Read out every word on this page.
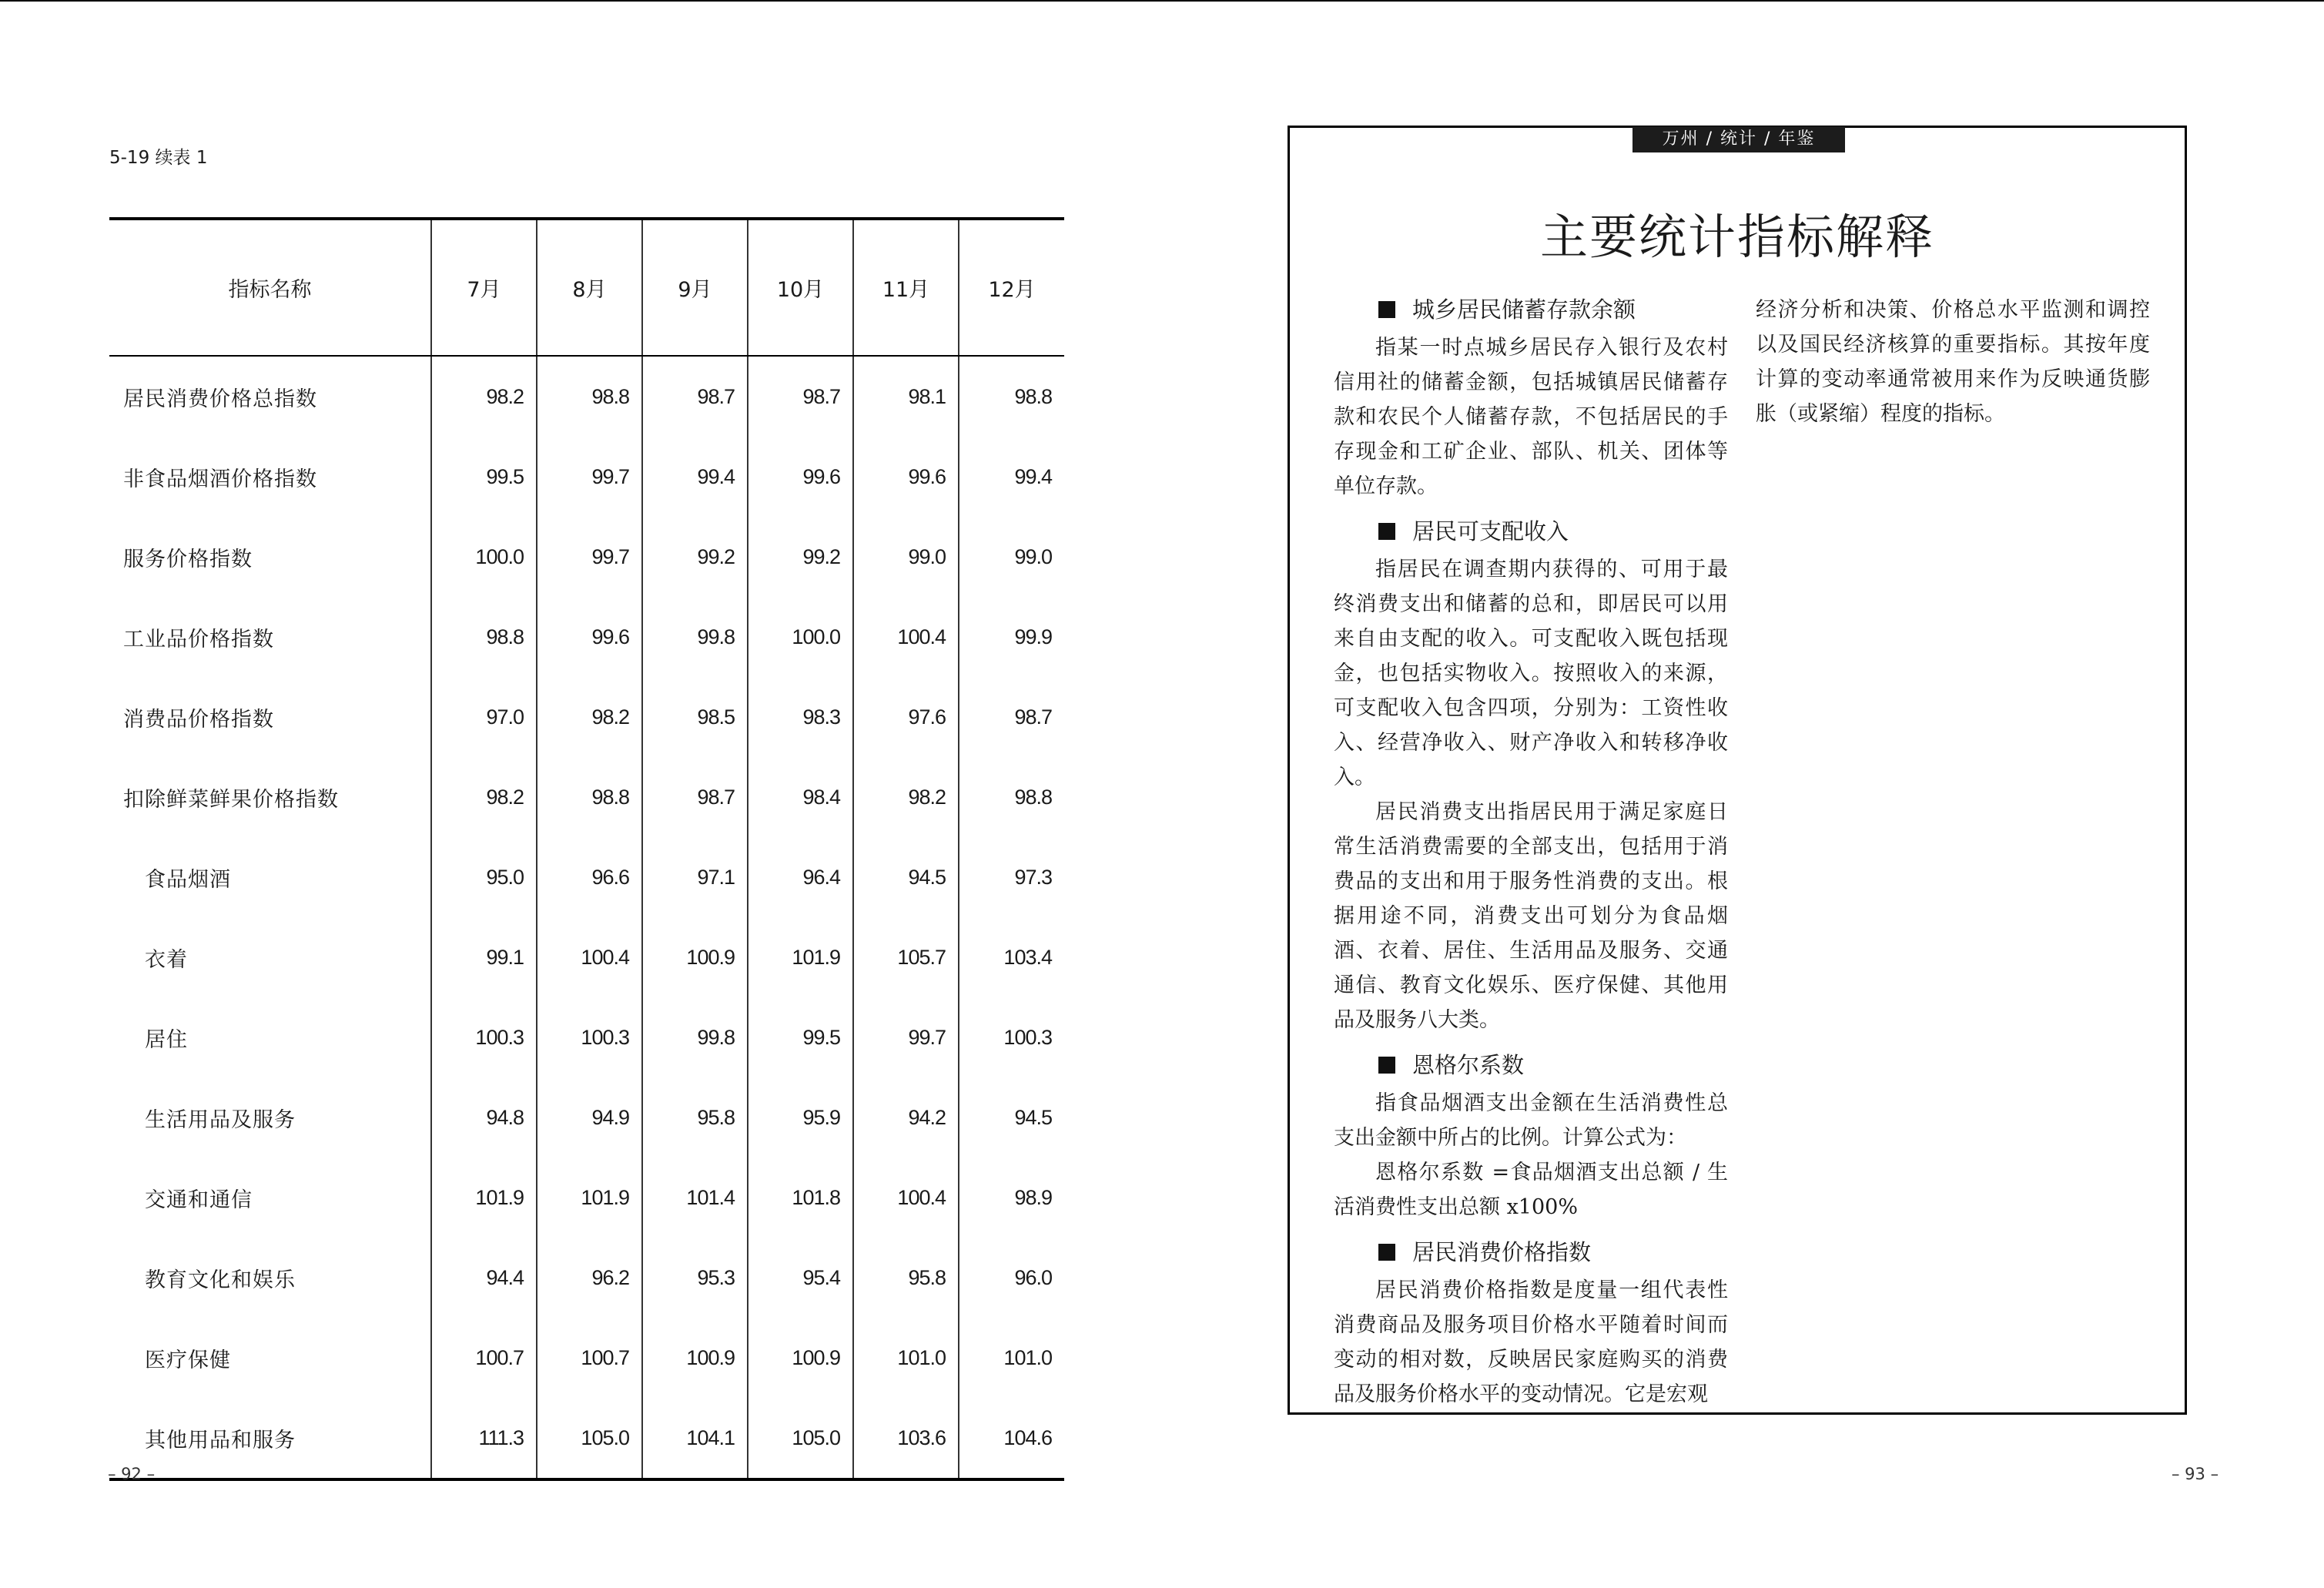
5-19 续表 1
指标名称	7月	8月	9月	10月	11月	12月
居民消费价格总指数	98.2	98.8	98.7	98.7	98.1	98.8
非食品烟酒价格指数	99.5	99.7	99.4	99.6	99.6	99.4
服务价格指数	100.0	99.7	99.2	99.2	99.0	99.0
工业品价格指数	98.8	99.6	99.8	100.0	100.4	99.9
消费品价格指数	97.0	98.2	98.5	98.3	97.6	98.7
扣除鲜菜鲜果价格指数	98.2	98.8	98.7	98.4	98.2	98.8
食品烟酒	95.0	96.6	97.1	96.4	94.5	97.3
衣着	99.1	100.4	100.9	101.9	105.7	103.4
居住	100.3	100.3	99.8	99.5	99.7	100.3
生活用品及服务	94.8	94.9	95.8	95.9	94.2	94.5
交通和通信	101.9	101.9	101.4	101.8	100.4	98.9
教育文化和娱乐	94.4	96.2	95.3	95.4	95.8	96.0
医疗保健	100.7	100.7	100.9	100.9	101.0	101.0
其他用品和服务	111.3	105.0	104.1	105.0	103.6	104.6
– 92 –
万州 / 统计 / 年鉴
主要统计指标解释
城乡居民储蓄存款余额

指某一时点城乡居民存入银行及农村信用社的储蓄金额，包括城镇居民储蓄存款和农民个人储蓄存款，不包括居民的手存现金和工矿企业、部队、机关、团体等单位存款。

居民可支配收入

指居民在调查期内获得的、可用于最终消费支出和储蓄的总和，即居民可以用来自由支配的收入。可支配收入既包括现金，也包括实物收入。按照收入的来源，可支配收入包含四项，分别为：工资性收入、经营净收入、财产净收入和转移净收入。

居民消费支出指居民用于满足家庭日常生活消费需要的全部支出，包括用于消费品的支出和用于服务性消费的支出。根据用途不同，消费支出可划分为食品烟酒、衣着、居住、生活用品及服务、交通通信、教育文化娱乐、医疗保健、其他用品及服务八大类。

恩格尔系数

指食品烟酒支出金额在生活消费性总支出金额中所占的比例。计算公式为：

恩格尔系数 =食品烟酒支出总额 / 生活消费性支出总额 x100%

居民消费价格指数

居民消费价格指数是度量一组代表性消费商品及服务项目价格水平随着时间而变动的相对数，反映居民家庭购买的消费品及服务价格水平的变动情况。它是宏观

经济分析和决策、价格总水平监测和调控以及国民经济核算的重要指标。其按年度计算的变动率通常被用来作为反映通货膨胀（或紧缩）程度的指标。

– 93 –
